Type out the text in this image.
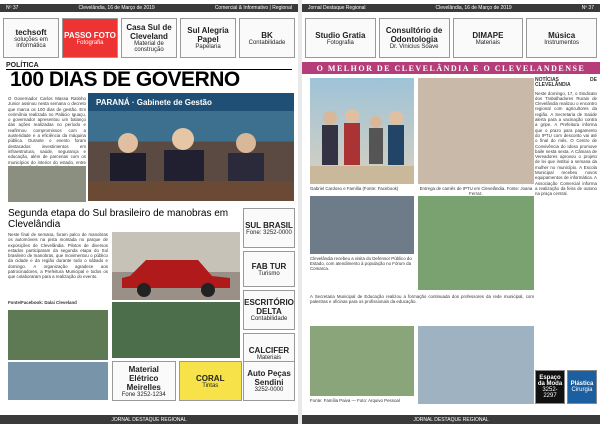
Nº 37	Clevelândia, 16 de Março de 2019	Comercial & Informativo | Regional
techsoft
soluções em informática
PASSO FOTO
Fotografia
Casa Sul de Cleveland
Material de construção
Sul Alegria Papel
Papelaria
BK
Contabilidade
POLÍTICA
100 DIAS DE GOVERNO
O Governador Carlos Massa Ratinho Junior assinou nesta semana o decreto que marca os 100 dias de gestão. Em cerimônia realizada no Palácio Iguaçu, o governador apresentou um balanço das ações realizadas no período e reafirmou compromissos com a austeridade e a eficiência da máquina pública. Durante o evento foram destacados investimentos em infraestrutura, saúde, segurança e educação, além de parcerias com os municípios do interior do estado, entre
PARANÁ · Gabinete de Gestão
Segunda etapa do Sul brasileiro de manobras em Clevelândia
Neste final de semana, foram palco de manobras os automóveis na pista montada no parque de exposições de Clevelândia. Pilotos de diversos estados participaram da segunda etapa do Sul brasileiro de manobras, que movimentou o público da cidade e da região durante todo o sábado e domingo. A organização agradece aos patrocinadores, a Prefeitura Municipal e todos os que colaboraram para a realização do evento.
Fonte/Facebook: Dalai Cleveland
SUL BRASIL
Fone: 3252-0000
FAB TUR
Turismo
ESCRITÓRIO DELTA
Contabilidade
CALCIFER
Materiais
Material Elétrico Meirelles
Fone 3252-1234
CORAL
Tintas
Auto Peças Sendini
3252-0000
JORNAL DESTAQUE REGIONAL
Jornal Destaque Regional	Clevelândia, 16 de Março de 2019	Nº 37
Studio Gratia
Fotografia
Consultório de Odontologia
Dr. Vinicius Soave
DIMAPE
Materiais
Música
Instrumentos
O MELHOR DE CLEVELÂNDIA E O CLEVELANDENSE
Gabriel Cardoso e Família (Fonte: Facebook)	Entrega de carnês de IPTU em Clevelândia. Fonte: Joana Ferraz.
Clevelândia recebeu a visita do Defensor Público do Estado, com atendimento à população no Fórum da Comarca.
A Secretaria Municipal de Educação realizou a formação continuada dos professores da rede municipal, com palestras e oficinas para os profissionais da educação.
Fonte: Família Paiva — Foto: Arquivo Pessoal
NOTÍCIAS DE CLEVELÂNDIA
Neste domingo, 17, o Sindicato dos Trabalhadores Rurais de Clevelândia realizou o encontro regional com agricultores da região. A Secretaria de Saúde alerta para a vacinação contra a gripe. A Prefeitura informa que o prazo para pagamento do IPTU com desconto vai até o final do mês. O Centro de Convivência do Idoso promove baile nesta sexta. A Câmara de Vereadores aprovou o projeto de lei que institui a semana da mulher no município. A Escola Municipal recebeu novos equipamentos de informática. A Associação Comercial informa a realização da feira de outono na praça central.
Espaço da Moda
3252-2297
Plástica
Cirurgia
JORNAL DESTAQUE REGIONAL
